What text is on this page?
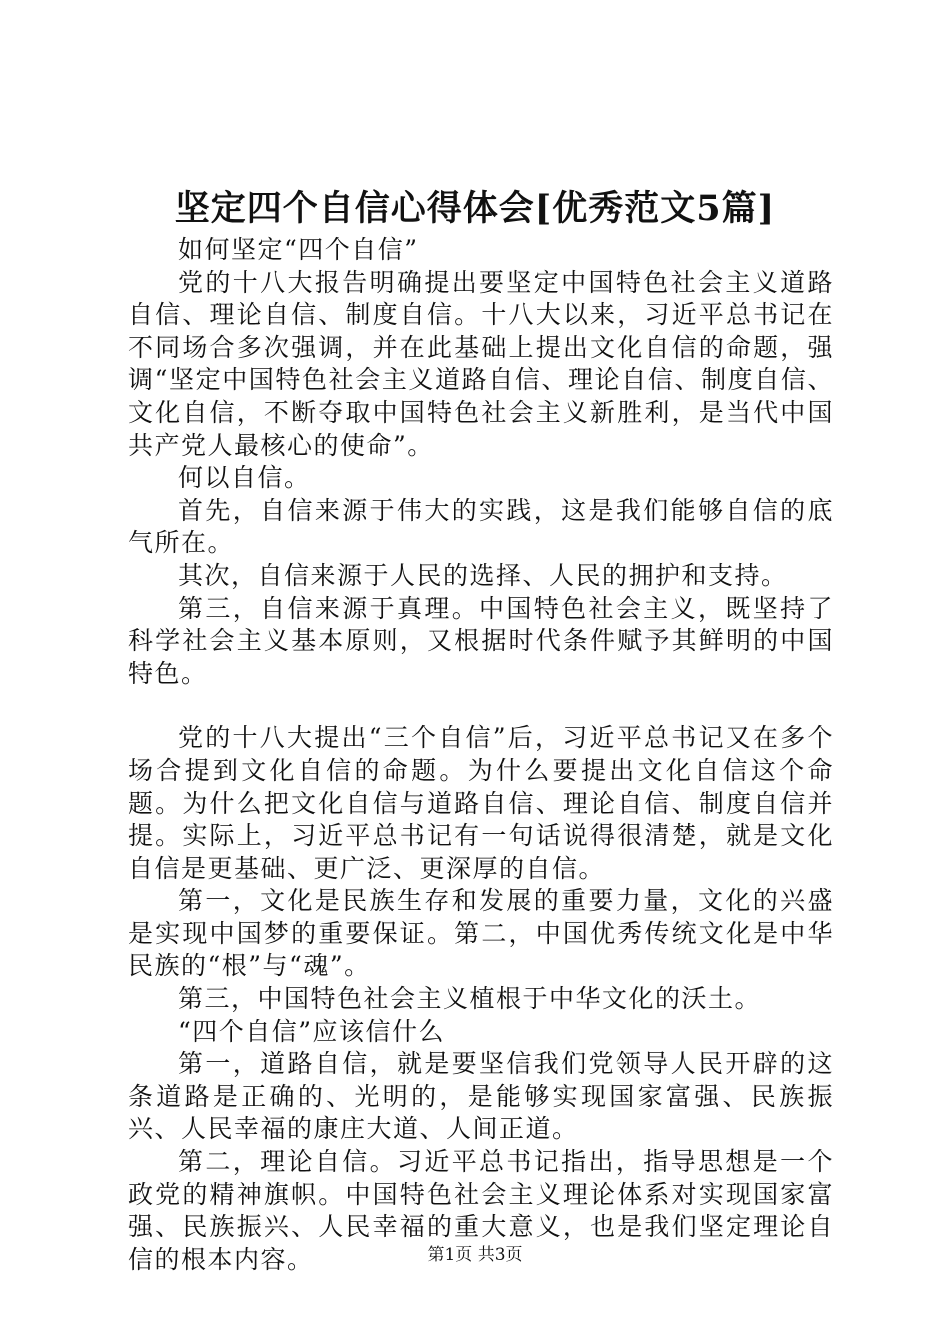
坚定四个自信心得体会[优秀范文5篇]

如何坚定“四个自信”

党的十八大报告明确提出要坚定中国特色社会主义道路自信、理论自信、制度自信。十八大以来，习近平总书记在不同场合多次强调，并在此基础上提出文化自信的命题，强调“坚定中国特色社会主义道路自信、理论自信、制度自信、文化自信，不断夺取中国特色社会主义新胜利，是当代中国共产党人最核心的使命”。

何以自信。

首先，自信来源于伟大的实践，这是我们能够自信的底气所在。

其次，自信来源于人民的选择、人民的拥护和支持。

第三，自信来源于真理。中国特色社会主义，既坚持了科学社会主义基本原则，又根据时代条件赋予其鲜明的中国特色。

党的十八大提出“三个自信”后，习近平总书记又在多个场合提到文化自信的命题。为什么要提出文化自信这个命题。为什么把文化自信与道路自信、理论自信、制度自信并提。实际上，习近平总书记有一句话说得很清楚，就是文化自信是更基础、更广泛、更深厚的自信。

第一，文化是民族生存和发展的重要力量，文化的兴盛是实现中国梦的重要保证。第二，中国优秀传统文化是中华民族的“根”与“魂”。

第三，中国特色社会主义植根于中华文化的沃土。

“四个自信”应该信什么

第一，道路自信，就是要坚信我们党领导人民开辟的这条道路是正确的、光明的，是能够实现国家富强、民族振兴、人民幸福的康庄大道、人间正道。

第二，理论自信。习近平总书记指出，指导思想是一个政党的精神旗帜。中国特色社会主义理论体系对实现国家富强、民族振兴、人民幸福的重大意义，也是我们坚定理论自信的根本内容。	第1页 共3页
